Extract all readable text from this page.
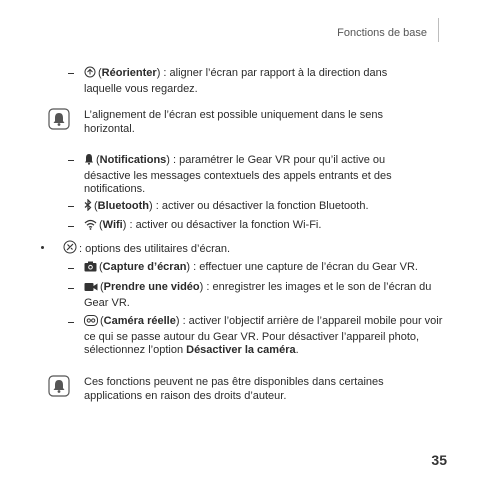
Fonctions de base
(Réorienter) : aligner l’écran par rapport à la direction dans laquelle vous regardez.
L’alignement de l’écran est possible uniquement dans le sens horizontal.
(Notifications) : paramétrer le Gear VR pour qu’il active ou désactive les messages contextuels des appels entrants et des notifications.
(Bluetooth) : activer ou désactiver la fonction Bluetooth.
(Wifi) : activer ou désactiver la fonction Wi-Fi.
: options des utilitaires d’écran.
(Capture d’écran) : effectuer une capture de l’écran du Gear VR.
(Prendre une vidéo) : enregistrer les images et le son de l’écran du Gear VR.
(Caméra réelle) : activer l’objectif arrière de l’appareil mobile pour voir ce qui se passe autour du Gear VR. Pour désactiver l’appareil photo, sélectionnez l’option Désactiver la caméra.
Ces fonctions peuvent ne pas être disponibles dans certaines applications en raison des droits d’auteur.
35
